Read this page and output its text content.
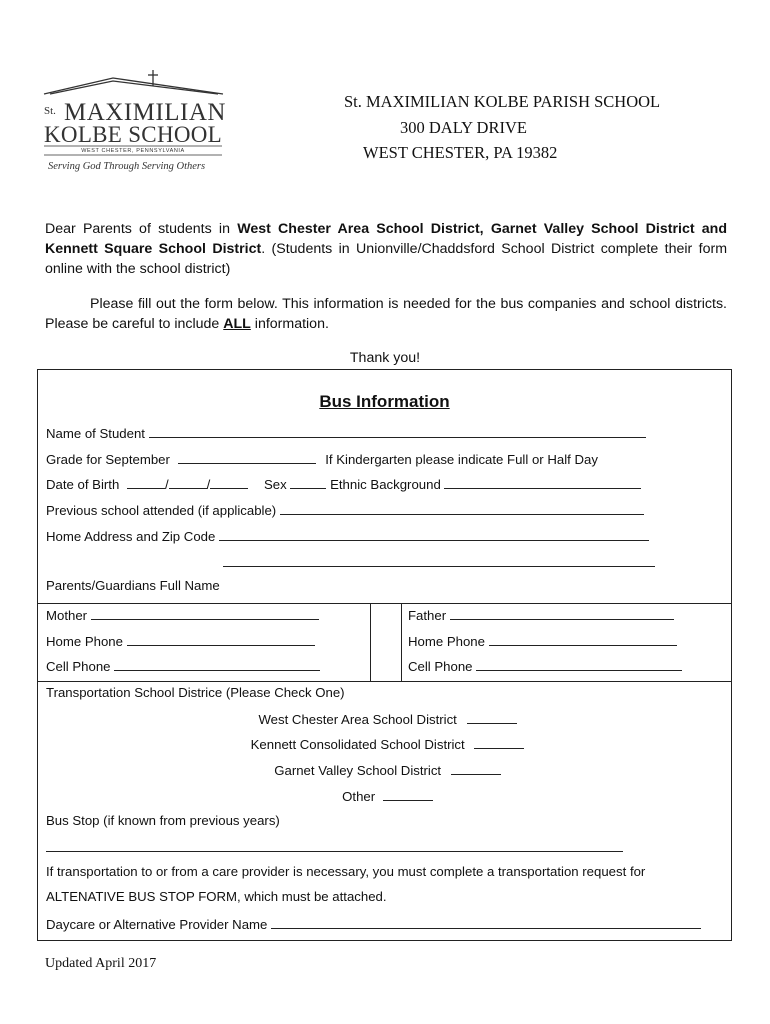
St. MAXIMILIAN
KOLBE SCHOOL
WEST CHESTER, PENNSYLVANIA
Serving God Through Serving Others
St. MAXIMILIAN KOLBE PARISH SCHOOL
300 DALY DRIVE
WEST CHESTER, PA 19382

Dear Parents of students in West Chester Area School District, Garnet Valley School District and Kennett Square School District. (Students in Unionville/Chaddsford School District complete their form online with the school district)

Please fill out the form below. This information is needed for the bus companies and school districts. Please be careful to include ALL information.

Thank you!
Bus Information
Name of Student
Grade for September	If Kindergarten please indicate Full or Half Day
Date of Birth	/	/	Sex	Ethnic Background
Previous school attended (if applicable)
Home Address and Zip Code
Parents/Guardians Full Name
Mother	Father
Home Phone	Home Phone
Cell Phone	Cell Phone
Transportation School Districe (Please Check One)
West Chester Area School District
Kennett Consolidated School District
Garnet Valley School District
Other
Bus Stop (if known from previous years)
If transportation to or from a care provider is necessary, you must complete a transportation request for
ALTENATIVE BUS STOP FORM, which must be attached.
Daycare or Alternative Provider Name
Updated April 2017
